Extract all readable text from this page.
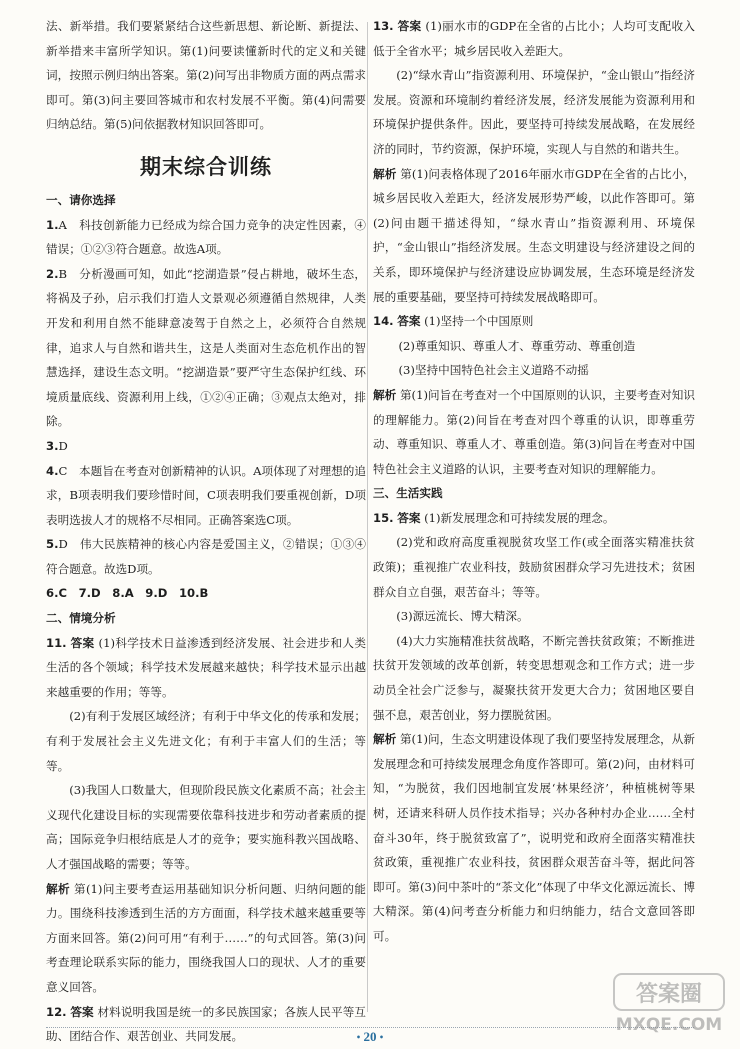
法、新举措。我们要紧紧结合这些新思想、新论断、新提法、新举措来丰富所学知识。第(1)问要读懂新时代的定义和关键词，按照示例归纳出答案。第(2)问写出非物质方面的两点需求即可。第(3)问主要回答城市和农村发展不平衡。第(4)问需要归纳总结。第(5)问依据教材知识回答即可。

期末综合训练

一、请你选择

1.A　科技创新能力已经成为综合国力竞争的决定性因素，④错误；①②③符合题意。故选A项。

2.B　分析漫画可知，如此“挖湖造景”侵占耕地，破坏生态，将祸及子孙，启示我们打造人文景观必须遵循自然规律，人类开发和利用自然不能肆意凌驾于自然之上，必须符合自然规律，追求人与自然和谐共生，这是人类面对生态危机作出的智慧选择，建设生态文明。“挖湖造景”要严守生态保护红线、环境质量底线、资源利用上线，①②④正确；③观点太绝对，排除。

3.D

4.C　本题旨在考查对创新精神的认识。A项体现了对理想的追求，B项表明我们要珍惜时间，C项表明我们要重视创新，D项表明选拔人才的规格不尽相同。正确答案选C项。

5.D　伟大民族精神的核心内容是爱国主义，②错误；①③④符合题意。故选D项。

6.C　7.D　8.A　9.D　10.B

二、情境分析

11. 答案 (1)科学技术日益渗透到经济发展、社会进步和人类生活的各个领域；科学技术发展越来越快；科学技术显示出越来越重要的作用；等等。

(2)有利于发展区域经济；有利于中华文化的传承和发展；有利于发展社会主义先进文化；有利于丰富人们的生活；等等。

(3)我国人口数量大，但现阶段民族文化素质不高；社会主义现代化建设目标的实现需要依靠科技进步和劳动者素质的提高；国际竞争归根结底是人才的竞争；要实施科教兴国战略、人才强国战略的需要；等等。

解析 第(1)问主要考查运用基础知识分析问题、归纳问题的能力。围绕科技渗透到生活的方方面面，科学技术越来越重要等方面来回答。第(2)问可用“有利于……”的句式回答。第(3)问考查理论联系实际的能力，围绕我国人口的现状、人才的重要意义回答。

12. 答案 材料说明我国是统一的多民族国家；各族人民平等互助、团结合作、艰苦创业、共同发展。

13. 答案 (1)丽水市的GDP在全省的占比小；人均可支配收入低于全省水平；城乡居民收入差距大。

(2)“绿水青山”指资源利用、环境保护，“金山银山”指经济发展。资源和环境制约着经济发展，经济发展能为资源利用和环境保护提供条件。因此，要坚持可持续发展战略，在发展经济的同时，节约资源，保护环境，实现人与自然的和谐共生。

解析 第(1)问表格体现了2016年丽水市GDP在全省的占比小，城乡居民收入差距大，经济发展形势严峻，以此作答即可。第(2)问由题干描述得知，“绿水青山”指资源利用、环境保护，“金山银山”指经济发展。生态文明建设与经济建设之间的关系，即环境保护与经济建设应协调发展，生态环境是经济发展的重要基础，要坚持可持续发展战略即可。

14. 答案 (1)坚持一个中国原则

(2)尊重知识、尊重人才、尊重劳动、尊重创造

(3)坚持中国特色社会主义道路不动摇

解析 第(1)问旨在考查对一个中国原则的认识，主要考查对知识的理解能力。第(2)问旨在考查对四个尊重的认识，即尊重劳动、尊重知识、尊重人才、尊重创造。第(3)问旨在考查对中国特色社会主义道路的认识，主要考查对知识的理解能力。

三、生活实践

15. 答案 (1)新发展理念和可持续发展的理念。

(2)党和政府高度重视脱贫攻坚工作(或全面落实精准扶贫政策)；重视推广农业科技，鼓励贫困群众学习先进技术；贫困群众自立自强，艰苦奋斗；等等。

(3)源远流长、博大精深。

(4)大力实施精准扶贫战略，不断完善扶贫政策；不断推进扶贫开发领域的改革创新，转变思想观念和工作方式；进一步动员全社会广泛参与，凝聚扶贫开发更大合力；贫困地区要自强不息，艰苦创业，努力摆脱贫困。

解析 第(1)问，生态文明建设体现了我们要坚持发展理念，从新发展理念和可持续发展理念角度作答即可。第(2)问，由材料可知，“为脱贫，我们因地制宜发展‘林果经济’，种植桃树等果树，还请来科研人员作技术指导；兴办各种村办企业……全村奋斗30年，终于脱贫致富了”，说明党和政府全面落实精准扶贫政策，重视推广农业科技，贫困群众艰苦奋斗等，据此问答即可。第(3)问中茶叶的“茶文化”体现了中华文化源远流长、博大精深。第(4)问考查分析能力和归纳能力，结合文意回答即可。

• 20 •
答案圈
MXQE.COM
